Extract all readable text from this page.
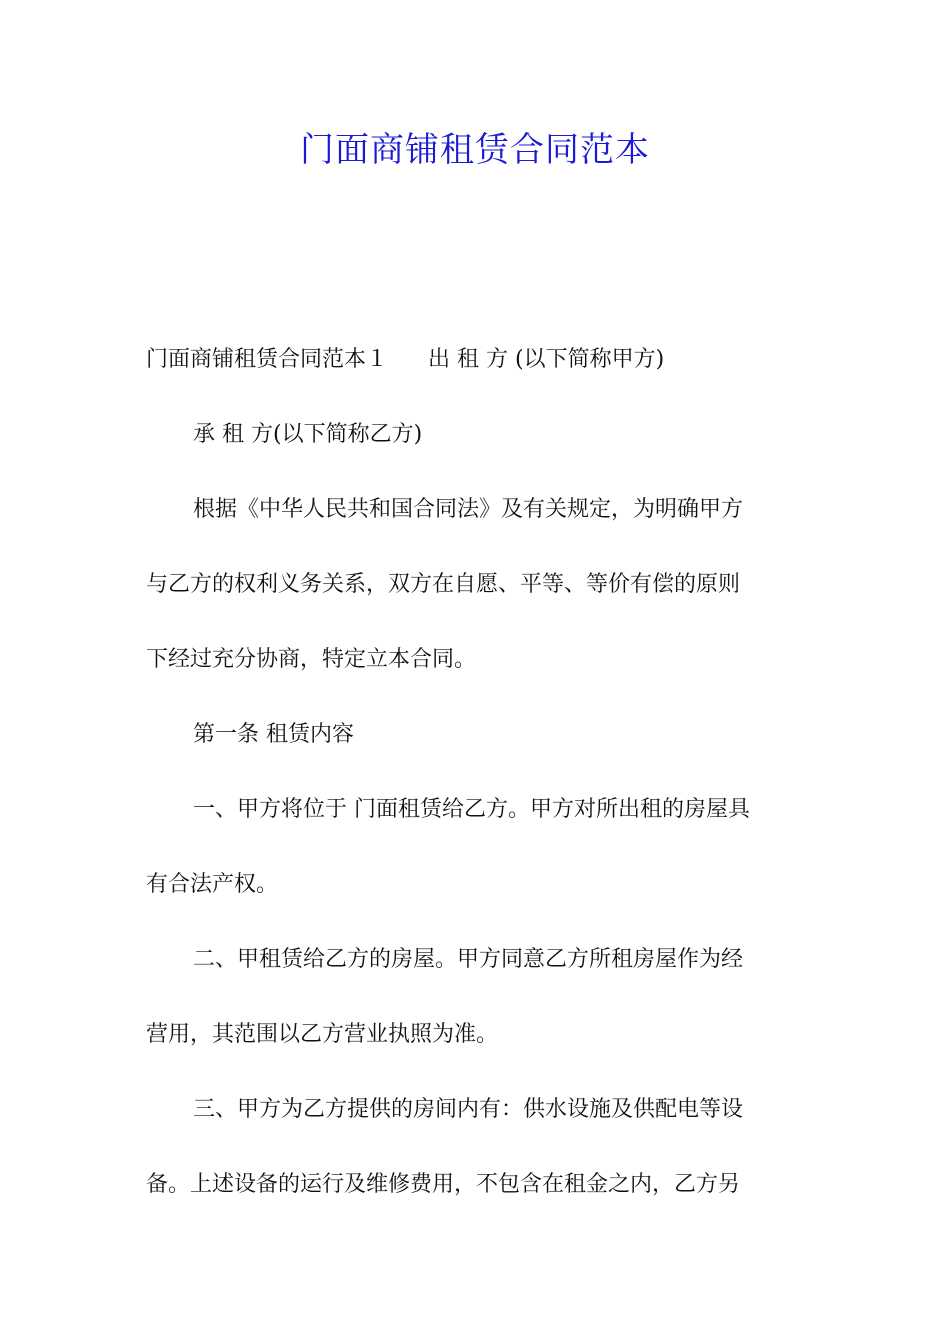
门面商铺租赁合同范本
门面商铺租赁合同范本１ 出 租 方 (以下简称甲方)
承 租 方(以下简称乙方)
根据《中华人民共和国合同法》及有关规定，为明确甲方
与乙方的权利义务关系，双方在自愿、平等、等价有偿的原则
下经过充分协商，特定立本合同。
第一条 租赁内容
一、甲方将位于 门面租赁给乙方。甲方对所出租的房屋具
有合法产权。
二、甲租赁给乙方的房屋。甲方同意乙方所租房屋作为经
营用，其范围以乙方营业执照为准。
三、甲方为乙方提供的房间内有：供水设施及供配电等设
备。上述设备的运行及维修费用，不包含在租金之内，乙方另
